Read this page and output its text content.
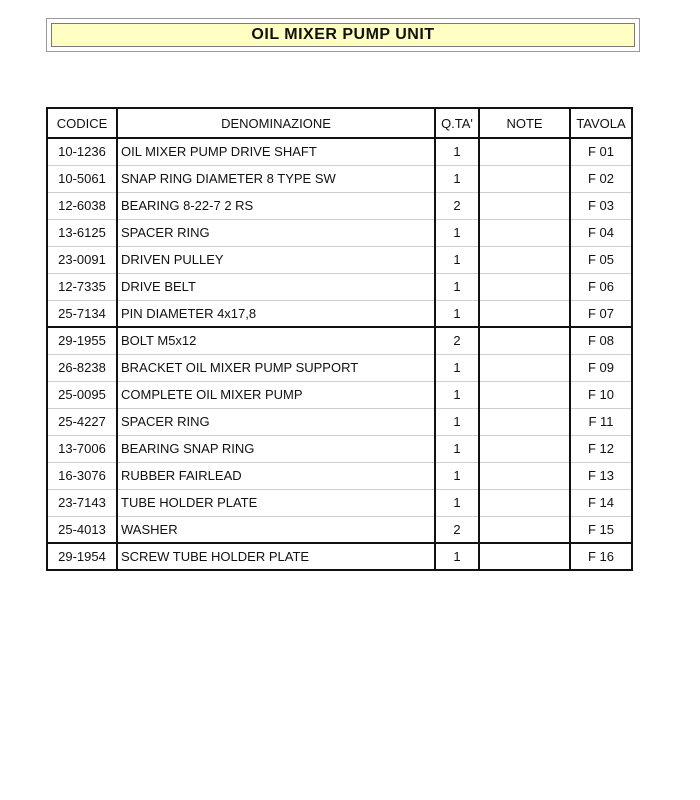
OIL MIXER PUMP UNIT
CODICE	DENOMINAZIONE	Q.TA'	NOTE	TAVOLA
10-1236	OIL MIXER PUMP DRIVE SHAFT	1		F 01
10-5061	SNAP RING DIAMETER 8 TYPE SW	1		F 02
12-6038	BEARING 8-22-7 2 RS	2		F 03
13-6125	SPACER RING	1		F 04
23-0091	DRIVEN PULLEY	1		F 05
12-7335	DRIVE BELT	1		F 06
25-7134	PIN DIAMETER 4x17,8	1		F 07
29-1955	BOLT M5x12	2		F 08
26-8238	BRACKET OIL MIXER PUMP SUPPORT	1		F 09
25-0095	COMPLETE OIL MIXER PUMP	1		F 10
25-4227	SPACER RING	1		F 11
13-7006	BEARING SNAP RING	1		F 12
16-3076	RUBBER FAIRLEAD	1		F 13
23-7143	TUBE HOLDER PLATE	1		F 14
25-4013	WASHER	2		F 15
29-1954	SCREW TUBE HOLDER PLATE	1		F 16
